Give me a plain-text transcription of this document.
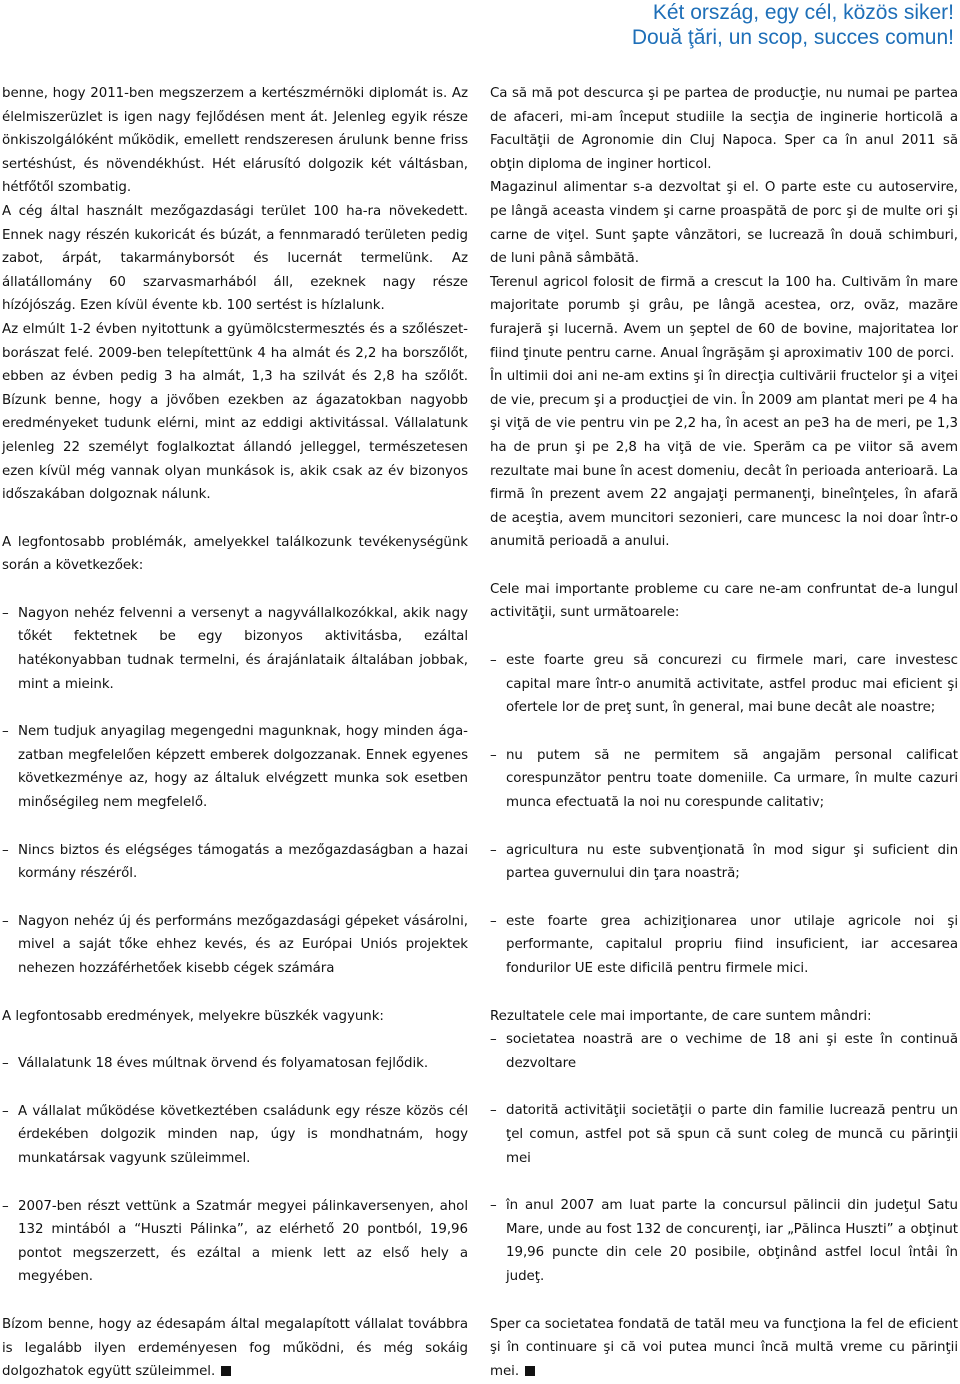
Két ország, egy cél, közös siker!
Două ţări, un scop, succes comun!

benne, hogy 2011-ben megszerzem a kertészmérnöki diplomát is. Az élelmiszerüzlet is igen nagy fejlődésen ment át. Jelenleg egyik része önkiszolgálóként működik, emellett rendszeresen árulunk benne friss sertéshúst, és növendékhúst. Hét elárusító dolgozik két váltásban, hétfőtől szombatig.

A cég által használt mezőgazdasági terület 100 ha-ra növekedett. Ennek nagy részén kukoricát és búzát, a fennmaradó területen pedig zabot, árpát, takarmányborsót és lucernát termelünk. Az állatállomány 60 szarvasmarhából áll, ezeknek nagy része hízójószág. Ezen kívül évente kb. 100 sertést is hízlalunk.

Az elmúlt 1-2 évben nyitottunk a gyümölcstermesztés és a szőlészetborászat felé. 2009-ben telepítettünk 4 ha almát és 2,2 ha borszőlőt, ebben az évben pedig 3 ha almát, 1,3 ha szilvát és 2,8 ha szőlőt. Bízunk benne, hogy a jövőben ezekben az ágazatokban nagyobb eredményeket tudunk elérni, mint az eddigi aktivitással. Vállalatunk jelenleg 22 személyt foglalkoztat állandó jelleggel, természetesen ezen kívül még vannak olyan munkások is, akik csak az év bizonyos időszakában dolgoznak nálunk.

A legfontosabb problémák, amelyekkel találkozunk tevékenységünk során a következőek:

– Nagyon nehéz felvenni a versenyt a nagyvállalkozókkal, akik nagy tőkét fektetnek be egy bizonyos aktivitásba, ezáltal hatékonyabban tudnak termelni, és árajánlataik általában jobbak, mint a mieink.
– Nem tudjuk anyagilag megengedni magunknak, hogy minden ágazatban megfelelően képzett emberek dolgozzanak. Ennek egyenes következménye az, hogy az általuk elvégzett munka sok esetben minőségileg nem megfelelő.
– Nincs biztos és elégséges támogatás a mezőgazdaságban a hazai kormány részéről.
– Nagyon nehéz új és performáns mezőgazdasági gépeket vásárolni, mivel a saját tőke ehhez kevés, és az Európai Uniós projektek nehezen hozzáférhetőek kisebb cégek számára

A legfontosabb eredmények, melyekre büszkék vagyunk:

– Vállalatunk 18 éves múltnak örvend és folyamatosan fejlődik.
– A vállalat működése következtében családunk egy része közös cél érdekében dolgozik minden nap, úgy is mondhatnám, hogy munkatársak vagyunk szüleimmel.
– 2007-ben részt vettünk a Szatmár megyei pálinkaversenyen, ahol 132 mintából a “Huszti Pálinka”, az elérhető 20 pontból, 19,96 pontot megszerzett, és ezáltal a mienk lett az első hely a megyében.

Bízom benne, hogy az édesapám által megalapított vállalat továbbra is legalább ilyen erdeményesen fog működni, és még sokáig dolgozhatok együtt szüleimmel.

Ca să mă pot descurca şi pe partea de producţie, nu numai pe partea de afaceri, mi-am început studiile la secţia de inginerie horticolă a Facultăţii de Agronomie din Cluj Napoca. Sper ca în anul 2011 să obţin diploma de inginer horticol.

Magazinul alimentar s-a dezvoltat şi el. O parte este cu autoservire, pe lângă aceasta vindem şi carne proaspătă de porc şi de multe ori şi carne de viţel. Sunt şapte vânzători, se lucrează în două schimburi, de luni până sâmbătă.

Terenul agricol folosit de firmă a crescut la 100 ha. Cultivăm în mare majoritate porumb şi grâu, pe lângă acestea, orz, ovăz, mazăre furajeră şi lucernă. Avem un şeptel de 60 de bovine, majoritatea lor fiind ţinute pentru carne. Anual îngrăşăm şi aproximativ 100 de porci.

În ultimii doi ani ne-am extins şi în direcţia cultivării fructelor şi a viţei de vie, precum şi a producţiei de vin. În 2009 am plantat meri pe 4 ha şi viţă de vie pentru vin pe 2,2 ha, în acest an pe3 ha de meri, pe 1,3 ha de prun şi pe 2,8 ha viţă de vie. Sperăm ca pe viitor să avem rezultate mai bune în acest domeniu, decât în perioada anterioară. La firmă în prezent avem 22 angajaţi permanenţi, bineînţeles, în afară de aceştia, avem muncitori sezonieri, care muncesc la noi doar într-o anumită perioadă a anului.

Cele mai importante probleme cu care ne-am confruntat de-a lungul activităţii, sunt următoarele:

– este foarte greu să concurezi cu firmele mari, care investesc capital mare într-o anumită activitate, astfel produc mai eficient şi ofertele lor de preţ sunt, în general, mai bune decât ale noastre;
– nu putem să ne permitem să angajăm personal calificat corespunzător pentru toate domeniile. Ca urmare, în multe cazuri munca efectuată la noi nu corespunde calitativ;
– agricultura nu este subvenţionată în mod sigur şi suficient din partea guvernului din ţara noastră;
– este foarte grea achiziţionarea unor utilaje agricole noi şi performante, capitalul propriu fiind insuficient, iar accesarea fondurilor UE este dificilă pentru firmele mici.

Rezultatele cele mai importante, de care suntem mândri:

– societatea noastră are o vechime de 18 ani şi este în continuă dezvoltare
– datorită activităţii societăţii o parte din familie lucrează pentru un ţel comun, astfel pot să spun că sunt coleg de muncă cu părinţii mei
– în anul 2007 am luat parte la concursul pălincii din judeţul Satu Mare, unde au fost 132 de concurenţi, iar „Pălinca Huszti” a obţinut 19,96 puncte din cele 20 posibile, obţinând astfel locul întâi în judeţ.

Sper ca societatea fondată de tatăl meu va funcţiona la fel de eficient şi în continuare şi că voi putea munci încă multă vreme cu părinţii mei.
